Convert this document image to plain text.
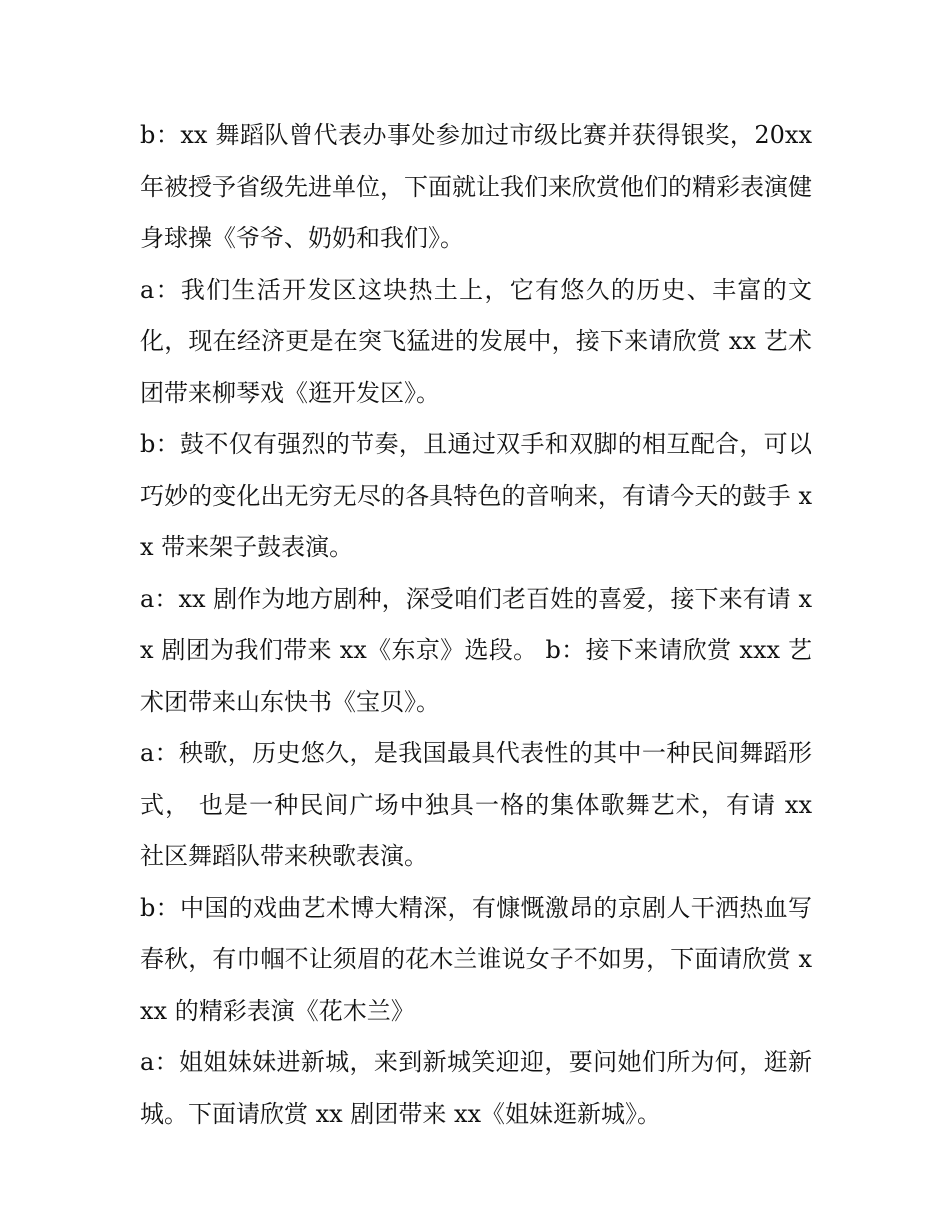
b：xx 舞蹈队曾代表办事处参加过市级比赛并获得银奖，20xx 年被授予省级先进单位，下面就让我们来欣赏他们的精彩表演健身球操《爷爷、奶奶和我们》。

a：我们生活开发区这块热土上，它有悠久的历史、丰富的文化，现在经济更是在突飞猛进的发展中，接下来请欣赏 xx 艺术团带来柳琴戏《逛开发区》。

b：鼓不仅有强烈的节奏，且通过双手和双脚的相互配合，可以巧妙的变化出无穷无尽的各具特色的音响来，有请今天的鼓手 xx 带来架子鼓表演。

a：xx 剧作为地方剧种，深受咱们老百姓的喜爱，接下来有请 xx 剧团为我们带来 xx《东京》选段。 b：接下来请欣赏 xxx 艺术团带来山东快书《宝贝》。

a：秧歌，历史悠久，是我国最具代表性的其中一种民间舞蹈形式， 也是一种民间广场中独具一格的集体歌舞艺术，有请 xx 社区舞蹈队带来秧歌表演。

b：中国的戏曲艺术博大精深，有慷慨激昂的京剧人干洒热血写春秋，有巾帼不让须眉的花木兰谁说女子不如男，下面请欣赏 xxx 的精彩表演《花木兰》

a：姐姐妹妹进新城，来到新城笑迎迎，要问她们所为何，逛新城。下面请欣赏 xx 剧团带来 xx《姐妹逛新城》。
